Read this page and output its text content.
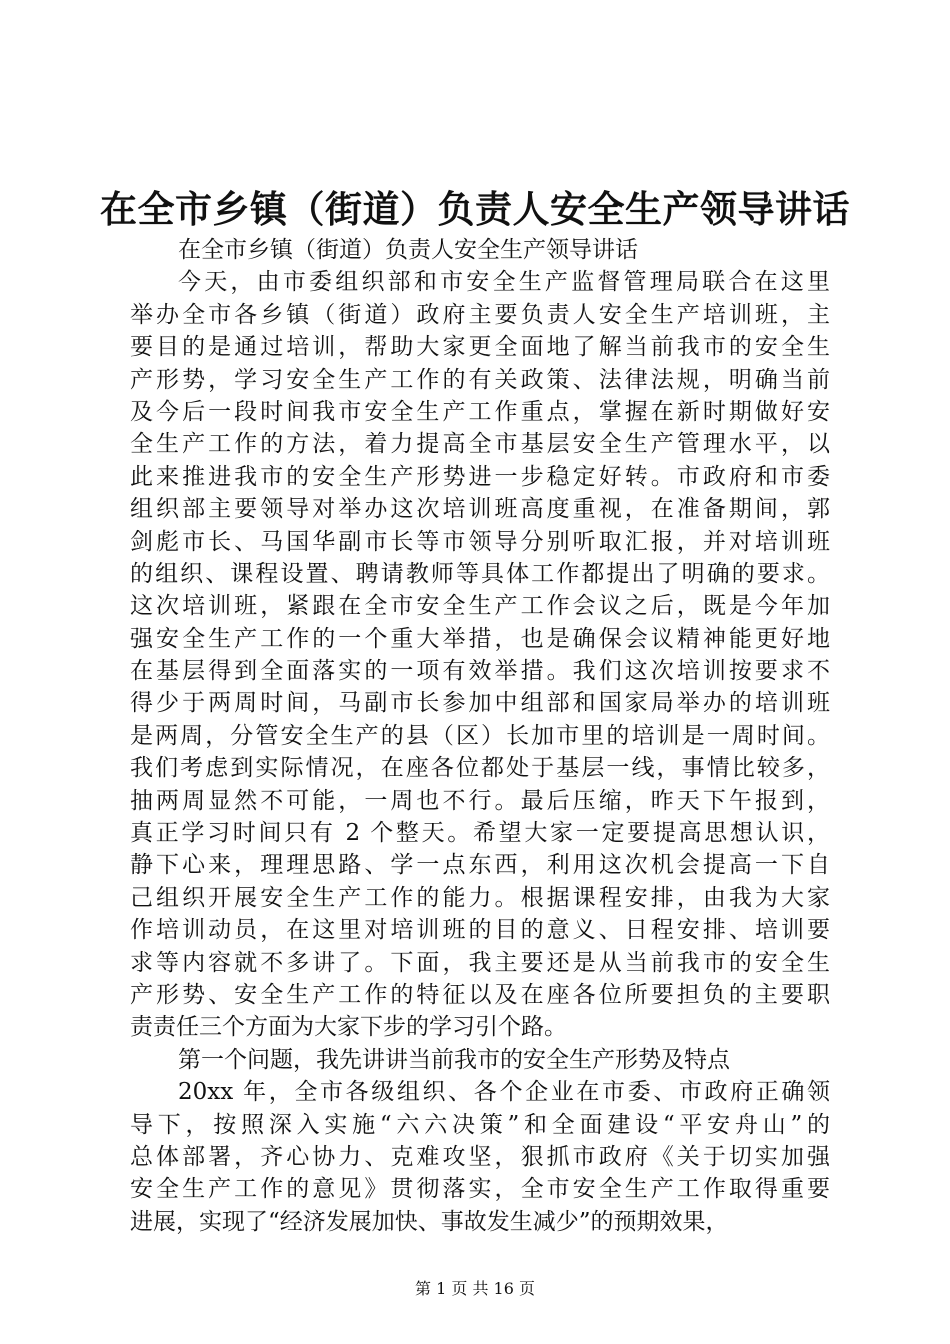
在全市乡镇（街道）负责人安全生产领导讲话
在全市乡镇（街道）负责人安全生产领导讲话
今天，由市委组织部和市安全生产监督管理局联合在这里
举办全市各乡镇（街道）政府主要负责人安全生产培训班，主
要目的是通过培训，帮助大家更全面地了解当前我市的安全生
产形势，学习安全生产工作的有关政策、法律法规，明确当前
及今后一段时间我市安全生产工作重点，掌握在新时期做好安
全生产工作的方法，着力提高全市基层安全生产管理水平，以
此来推进我市的安全生产形势进一步稳定好转。市政府和市委
组织部主要领导对举办这次培训班高度重视，在准备期间，郭
剑彪市长、马国华副市长等市领导分别听取汇报，并对培训班
的组织、课程设置、聘请教师等具体工作都提出了明确的要求。
这次培训班，紧跟在全市安全生产工作会议之后，既是今年加
强安全生产工作的一个重大举措，也是确保会议精神能更好地
在基层得到全面落实的一项有效举措。我们这次培训按要求不
得少于两周时间，马副市长参加中组部和国家局举办的培训班
是两周，分管安全生产的县（区）长加市里的培训是一周时间。
我们考虑到实际情况，在座各位都处于基层一线，事情比较多，
抽两周显然不可能，一周也不行。最后压缩，昨天下午报到，
真正学习时间只有 2 个整天。希望大家一定要提高思想认识，
静下心来，理理思路、学一点东西，利用这次机会提高一下自
己组织开展安全生产工作的能力。根据课程安排，由我为大家
作培训动员，在这里对培训班的目的意义、日程安排、培训要
求等内容就不多讲了。下面，我主要还是从当前我市的安全生
产形势、安全生产工作的特征以及在座各位所要担负的主要职
责责任三个方面为大家下步的学习引个路。
第一个问题，我先讲讲当前我市的安全生产形势及特点
20xx 年，全市各级组织、各个企业在市委、市政府正确领
导下，按照深入实施“六六决策”和全面建设“平安舟山”的
总体部署，齐心协力、克难攻坚，狠抓市政府《关于切实加强
安全生产工作的意见》贯彻落实，全市安全生产工作取得重要
进展，实现了“经济发展加快、事故发生减少”的预期效果，
第 1 页 共 16 页
